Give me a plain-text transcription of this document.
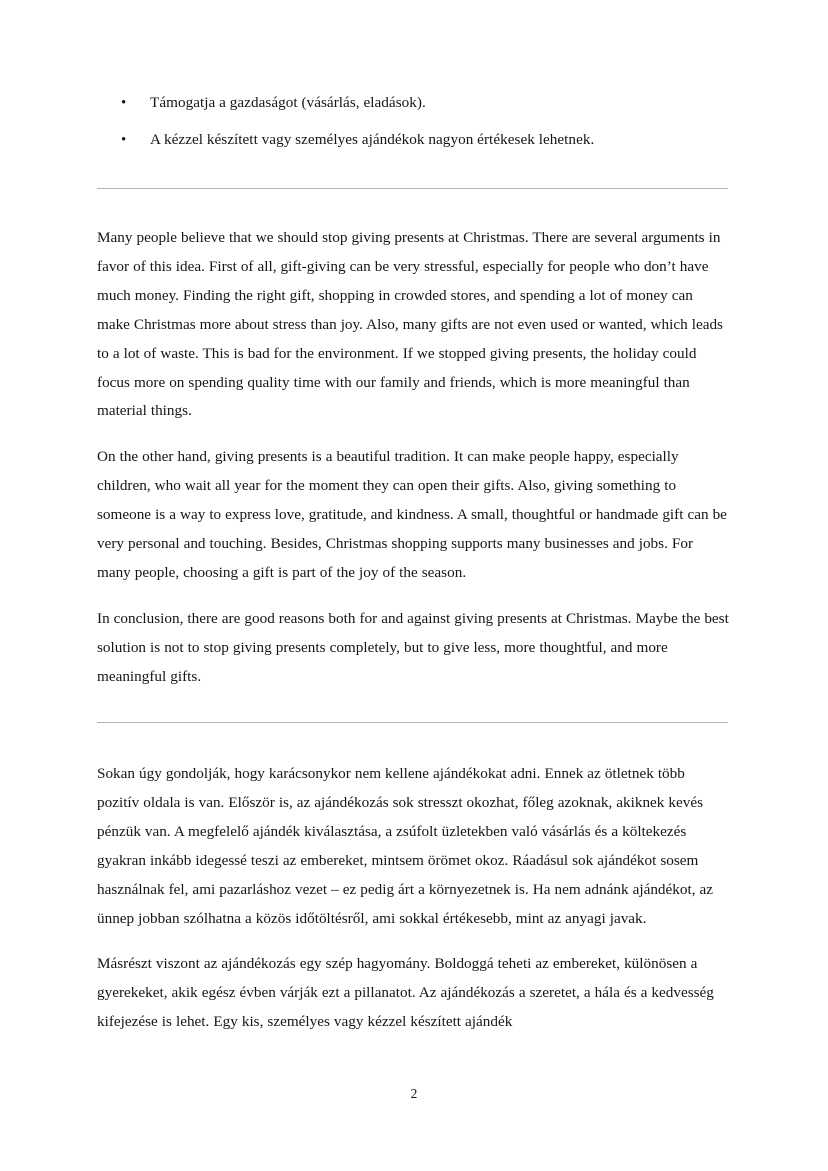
• Támogatja a gazdaságot (vásárlás, eladások).
• A kézzel készített vagy személyes ajándékok nagyon értékesek lehetnek.

Many people believe that we should stop giving presents at Christmas. There are several arguments in favor of this idea. First of all, gift-giving can be very stressful, especially for people who don’t have much money. Finding the right gift, shopping in crowded stores, and spending a lot of money can make Christmas more about stress than joy. Also, many gifts are not even used or wanted, which leads to a lot of waste. This is bad for the environment. If we stopped giving presents, the holiday could focus more on spending quality time with our family and friends, which is more meaningful than material things.

On the other hand, giving presents is a beautiful tradition. It can make people happy, especially children, who wait all year for the moment they can open their gifts. Also, giving something to someone is a way to express love, gratitude, and kindness. A small, thoughtful or handmade gift can be very personal and touching. Besides, Christmas shopping supports many businesses and jobs. For many people, choosing a gift is part of the joy of the season.

In conclusion, there are good reasons both for and against giving presents at Christmas. Maybe the best solution is not to stop giving presents completely, but to give less, more thoughtful, and more meaningful gifts.

Sokan úgy gondolják, hogy karácsonykor nem kellene ajándékokat adni. Ennek az ötletnek több pozitív oldala is van. Először is, az ajándékozás sok stresszt okozhat, főleg azoknak, akiknek kevés pénzük van. A megfelelő ajándék kiválasztása, a zsúfolt üzletekben való vásárlás és a költekezés gyakran inkább idegessé teszi az embereket, mintsem örömet okoz. Ráadásul sok ajándékot sosem használnak fel, ami pazarláshoz vezet – ez pedig árt a környezetnek is. Ha nem adnánk ajándékot, az ünnep jobban szólhatna a közös időtöltésről, ami sokkal értékesebb, mint az anyagi javak.

Másrészt viszont az ajándékozás egy szép hagyomány. Boldoggá teheti az embereket, különösen a gyerekeket, akik egész évben várják ezt a pillanatot. Az ajándékozás a szeretet, a hála és a kedvesség kifejezése is lehet. Egy kis, személyes vagy kézzel készített ajándék

2
